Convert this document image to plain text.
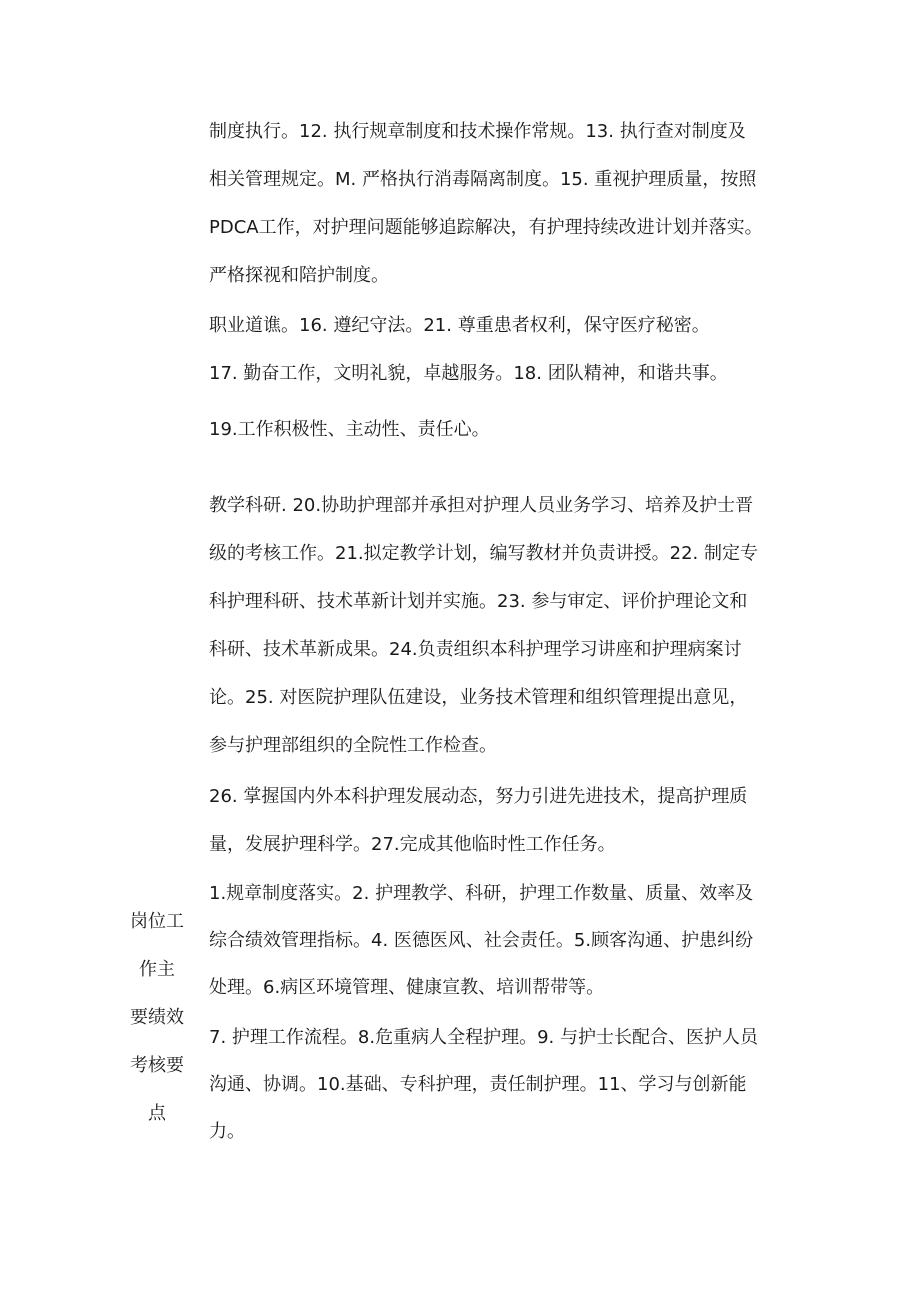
制度执行。12. 执行规章制度和技术操作常规。13. 执行查对制度及
相关管理规定。M. 严格执行消毒隔离制度。15. 重视护理质量，按照
PDCA工作，对护理问题能够追踪解决，有护理持续改进计划并落实。
严格探视和陪护制度。
职业道谯。16. 遵纪守法。21. 尊重患者权利，保守医疗秘密。
17. 勤奋工作，文明礼貌，卓越服务。18. 团队精神，和谐共事。
19.工作积极性、主动性、责任心。
教学科研. 20.协助护理部并承担对护理人员业务学习、培养及护士晋
级的考核工作。21.拟定教学计划，编写教材并负责讲授。22. 制定专
科护理科研、技术革新计划并实施。23. 参与审定、评价护理论文和
科研、技术革新成果。24.负责组织本科护理学习讲座和护理病案讨
论。25. 对医院护理队伍建设，业务技术管理和组织管理提出意见，
参与护理部组织的全院性工作检查。
26. 掌握国内外本科护理发展动态，努力引进先进技术，提高护理质
量，发展护理科学。27.完成其他临时性工作任务。
1.规章制度落实。2. 护理教学、科研，护理工作数量、质量、效率及
综合绩效管理指标。4. 医德医风、社会责任。5.顾客沟通、护患纠纷
处理。6.病区环境管理、健康宣教、培训帮带等。
7. 护理工作流程。8.危重病人全程护理。9. 与护士长配合、医护人员
沟通、协调。10.基础、专科护理，责任制护理。11、学习与创新能
力。
岗位工
作主
要绩效
考核要
点
